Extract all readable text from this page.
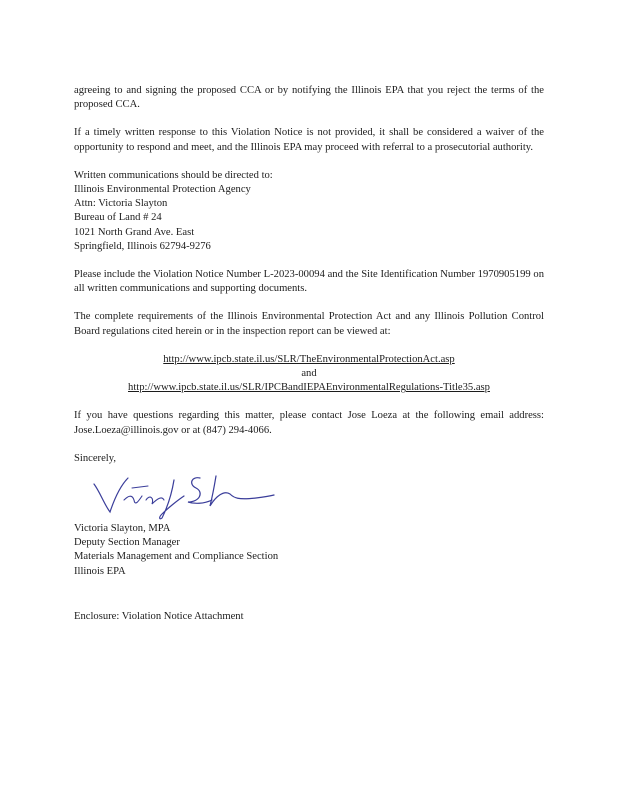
agreeing to and signing the proposed CCA or by notifying the Illinois EPA that you reject the terms of the proposed CCA.

If a timely written response to this Violation Notice is not provided, it shall be considered a waiver of the opportunity to respond and meet, and the Illinois EPA may proceed with referral to a prosecutorial authority.

Written communications should be directed to:

Illinois Environmental Protection Agency
Attn: Victoria Slayton
Bureau of Land # 24
1021 North Grand Ave. East
Springfield, Illinois 62794-9276

Please include the Violation Notice Number L-2023-00094 and the Site Identification Number 1970905199 on all written communications and supporting documents.

The complete requirements of the Illinois Environmental Protection Act and any Illinois Pollution Control Board regulations cited herein or in the inspection report can be viewed at:

http://www.ipcb.state.il.us/SLR/TheEnvironmentalProtectionAct.asp
and
http://www.ipcb.state.il.us/SLR/IPCBandIEPAEnvironmentalRegulations-Title35.asp

If you have questions regarding this matter, please contact Jose Loeza at the following email address: Jose.Loeza@illinois.gov or at (847) 294-4066.

Sincerely,

Victoria Slayton, MPA
Deputy Section Manager
Materials Management and Compliance Section
Illinois EPA

Enclosure: Violation Notice Attachment
